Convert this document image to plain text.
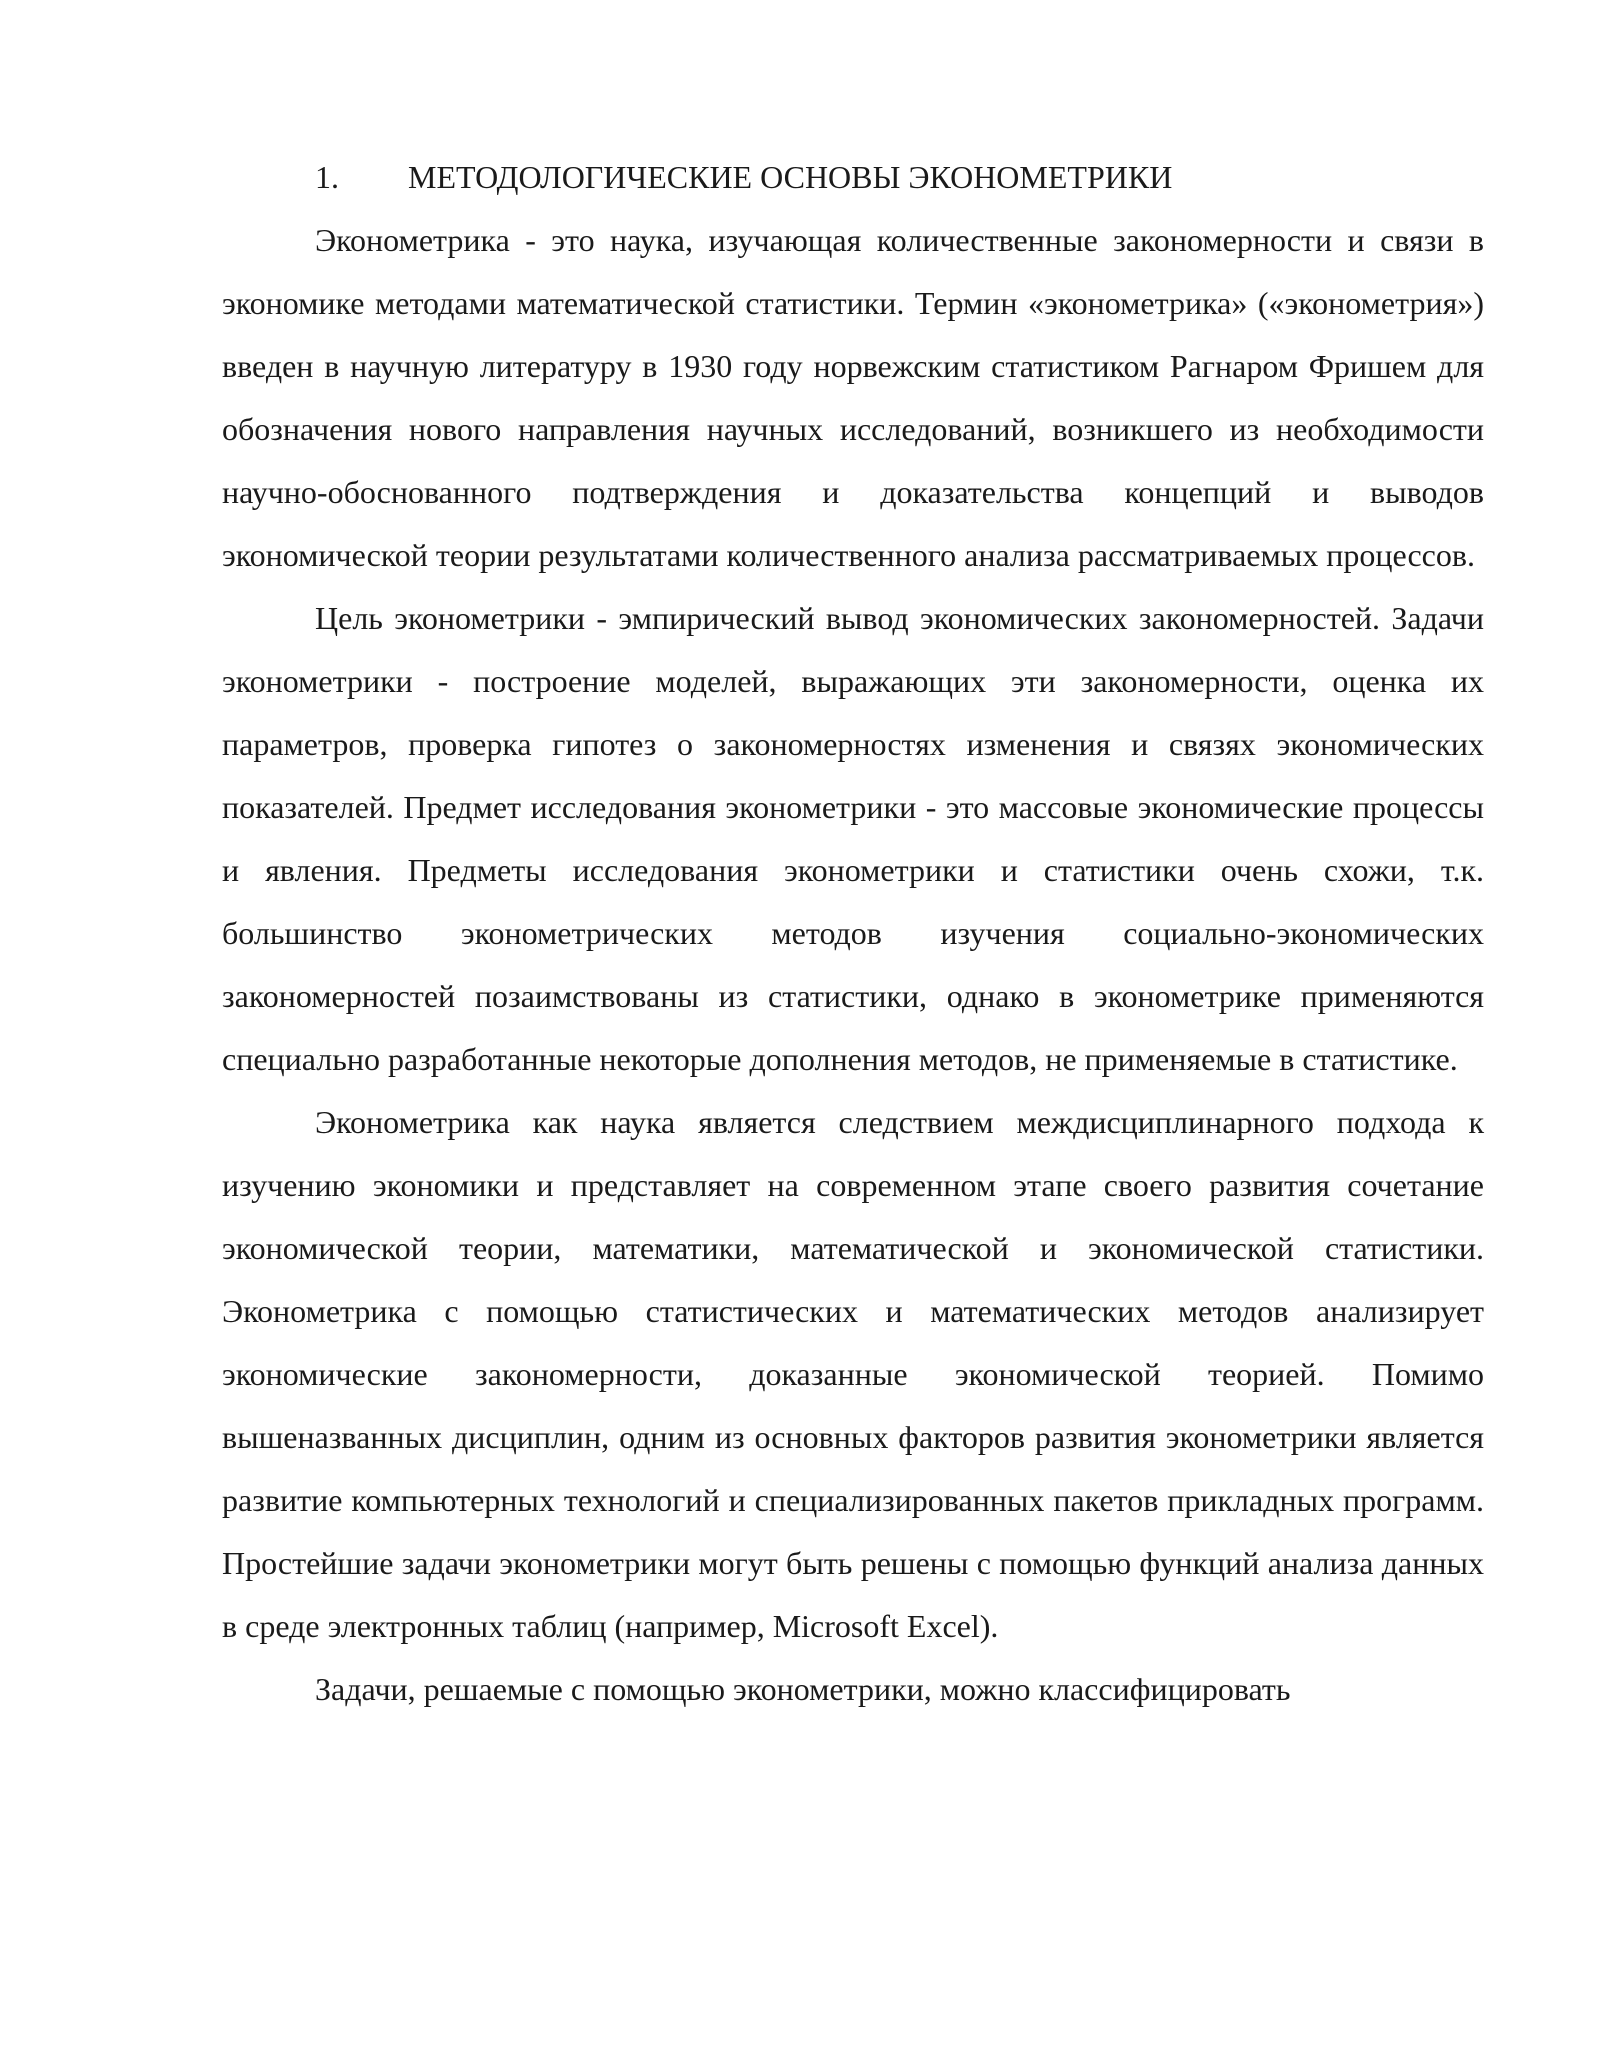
1. МЕТОДОЛОГИЧЕСКИЕ ОСНОВЫ ЭКОНОМЕТРИКИ

Эконометрика - это наука, изучающая количественные закономерности и связи в экономике методами математической статистики. Термин «эконометрика» («эконометрия») введен в научную литературу в 1930 году норвежским статистиком Рагнаром Фришем для обозначения нового направления научных исследований, возникшего из необходимости научно-обоснованного подтверждения и доказательства концепций и выводов экономической теории результатами количественного анализа рассматриваемых процессов.

Цель эконометрики - эмпирический вывод экономических закономерностей. Задачи эконометрики - построение моделей, выражающих эти закономерности, оценка их параметров, проверка гипотез о закономерностях изменения и связях экономических показателей. Предмет исследования эконометрики - это массовые экономические процессы и явления. Предметы исследования эконометрики и статистики очень схожи, т.к. большинство эконометрических методов изучения социально-экономических закономерностей позаимствованы из статистики, однако в эконометрике применяются специально разработанные некоторые дополнения методов, не применяемые в статистике.

Эконометрика как наука является следствием междисциплинарного подхода к изучению экономики и представляет на современном этапе своего развития сочетание экономической теории, математики, математической и экономической статистики. Эконометрика с помощью статистических и математических методов анализирует экономические закономерности, доказанные экономической теорией. Помимо вышеназванных дисциплин, одним из основных факторов развития эконометрики является развитие компьютерных технологий и специализированных пакетов прикладных программ. Простейшие задачи эконометрики могут быть решены с помощью функций анализа данных в среде электронных таблиц (например, Microsoft Excel).

Задачи, решаемые с помощью эконометрики, можно классифицировать
